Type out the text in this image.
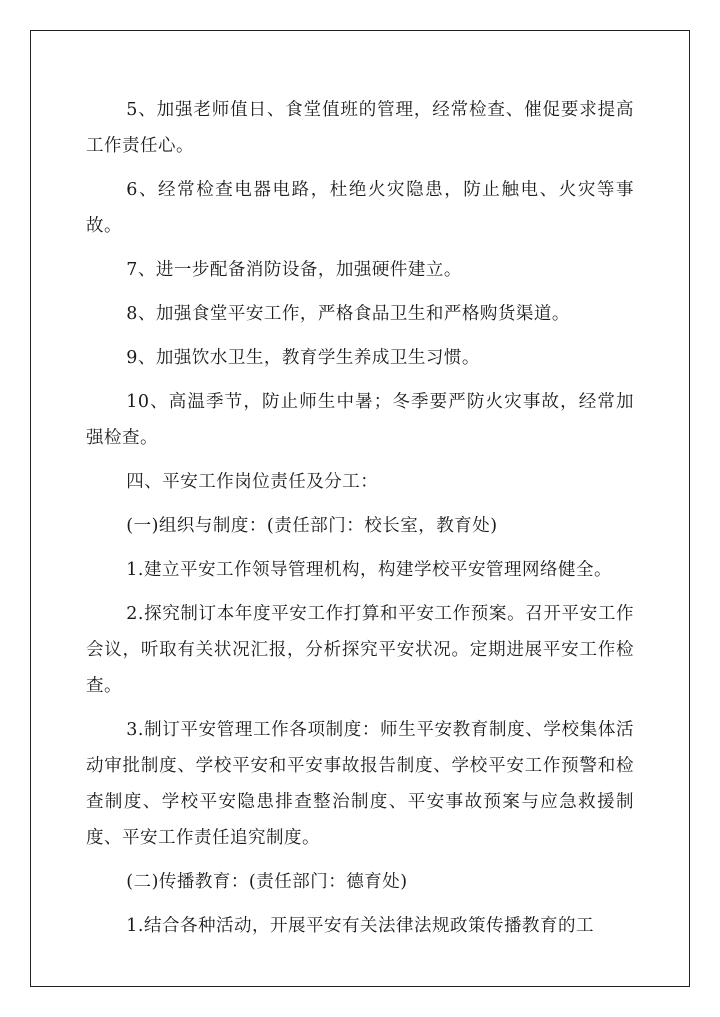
5、加强老师值日、食堂值班的管理，经常检查、催促要求提高工作责任心。

6、经常检查电器电路，杜绝火灾隐患，防止触电、火灾等事故。

7、进一步配备消防设备，加强硬件建立。

8、加强食堂平安工作，严格食品卫生和严格购货渠道。

9、加强饮水卫生，教育学生养成卫生习惯。

10、高温季节，防止师生中暑；冬季要严防火灾事故，经常加强检查。

四、平安工作岗位责任及分工：

(一)组织与制度：(责任部门：校长室，教育处)

1.建立平安工作领导管理机构，构建学校平安管理网络健全。

2.探究制订本年度平安工作打算和平安工作预案。召开平安工作会议，听取有关状况汇报，分析探究平安状况。定期进展平安工作检查。

3.制订平安管理工作各项制度：师生平安教育制度、学校集体活动审批制度、学校平安和平安事故报告制度、学校平安工作预警和检查制度、学校平安隐患排查整治制度、平安事故预案与应急救援制度、平安工作责任追究制度。

(二)传播教育：(责任部门：德育处)

1.结合各种活动，开展平安有关法律法规政策传播教育的工
